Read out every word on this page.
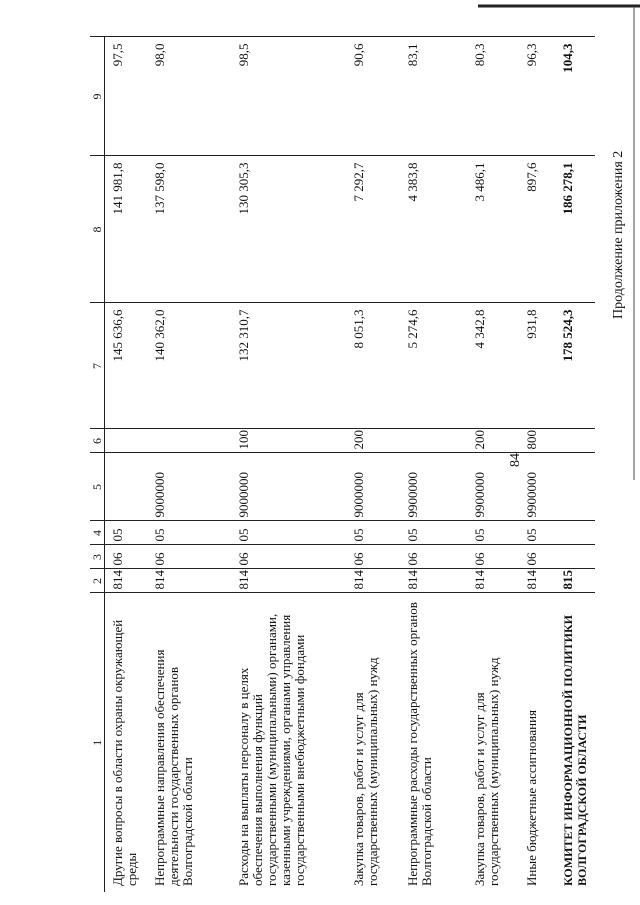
84
Продолжение приложения 2
1	2	3	4	5	6	7	8	9
Другие вопросы в области охраны окружающей среды	814	06	05			145 636,6	141 981,8	97,5
Непрограммные направления обеспечения деятельности государственных органов Волгоградской области	814	06	05	9000000		140 362,0	137 598,0	98,0
Расходы на выплаты персоналу в целях обеспечения выполнения функций государственными (муниципальными) органами, казенными учреждениями, органами управления государственными внебюджетными фондами	814	06	05	9000000	100	132 310,7	130 305,3	98,5
Закупка товаров, работ и услуг для государственных (муниципальных) нужд	814	06	05	9000000	200	8 051,3	7 292,7	90,6
Непрограммные расходы государственных органов Волгоградской области	814	06	05	9900000		5 274,6	4 383,8	83,1
Закупка товаров, работ и услуг для государственных (муниципальных) нужд	814	06	05	9900000	200	4 342,8	3 486,1	80,3
Иные бюджетные ассигнования	814	06	05	9900000	800	931,8	897,6	96,3
КОМИТЕТ ИНФОРМАЦИОННОЙ ПОЛИТИКИ ВОЛГОГРАДСКОЙ ОБЛАСТИ	815					178 524,3	186 278,1	104,3
